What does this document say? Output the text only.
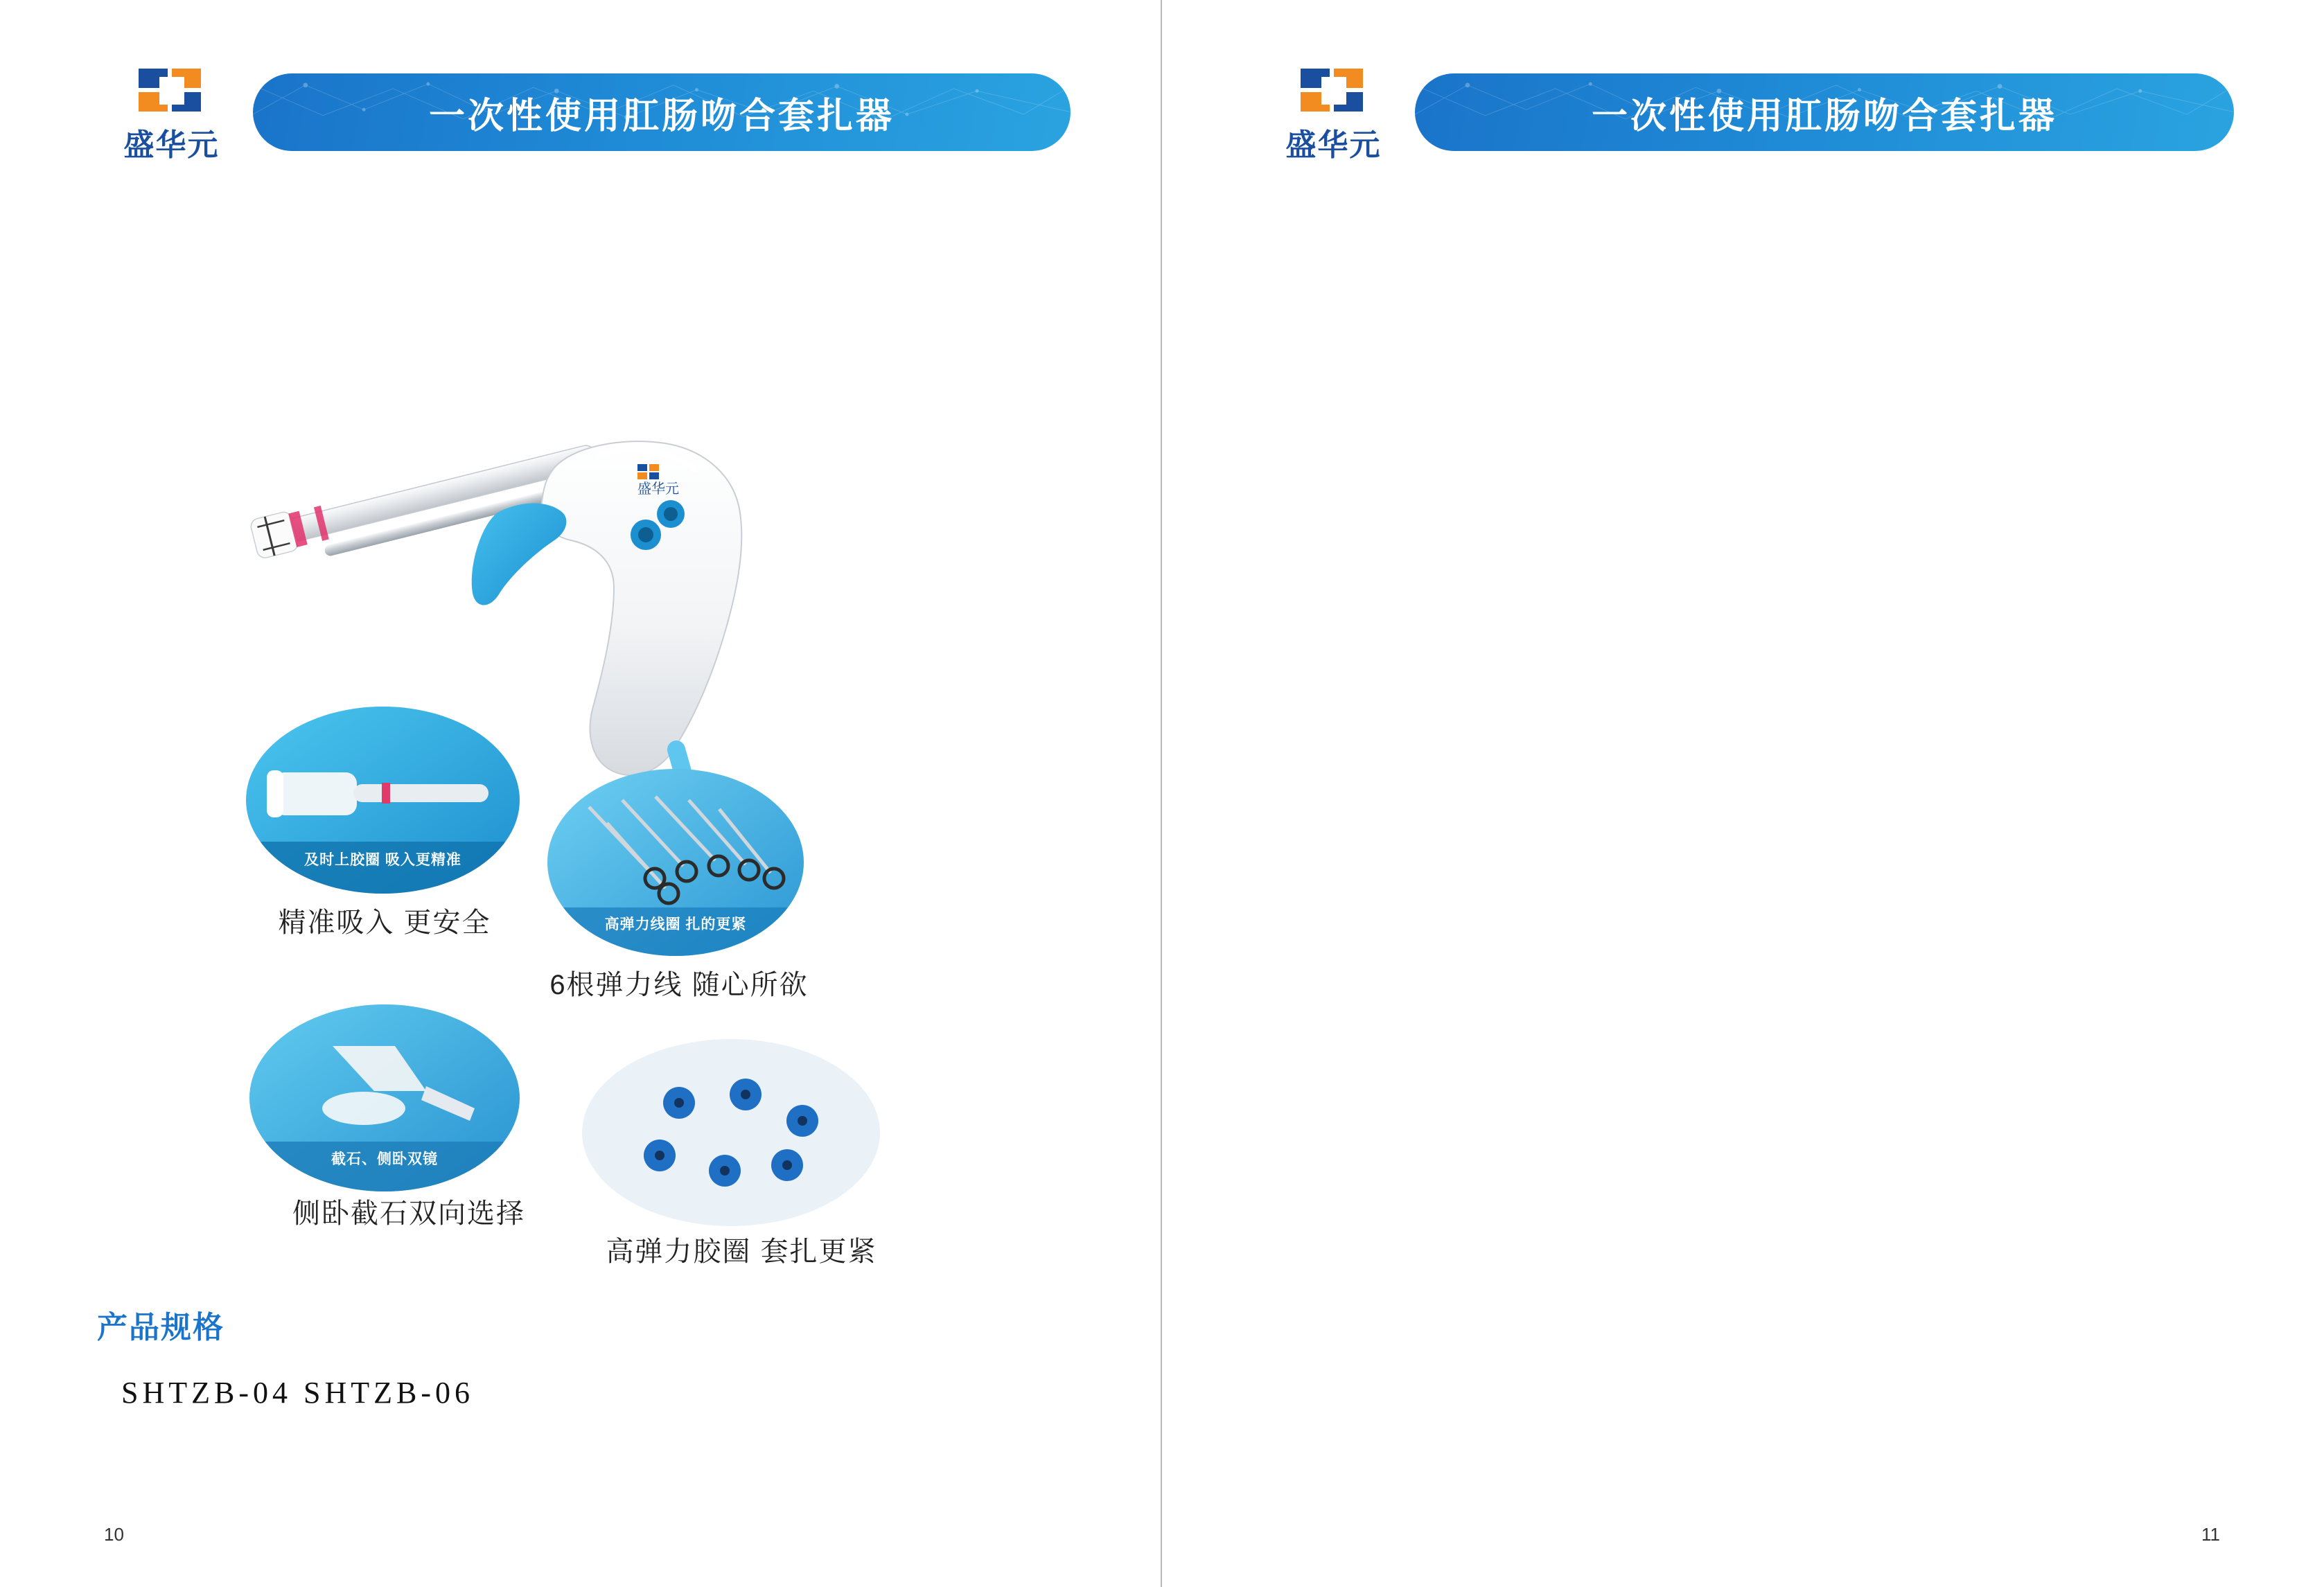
盛华元
一次性使用肛肠吻合套扎器
盛华元
及时上胶圈 吸入更精准
精准吸入 更安全	高弹力线圈 扎的更紧
6根弹力线 随心所欲
截石、侧卧双镜
侧卧截石双向选择
高弹力胶圈 套扎更紧
产品规格
SHTZB-04 SHTZB-06
10
盛华元
一次性使用肛肠吻合套扎器
11
